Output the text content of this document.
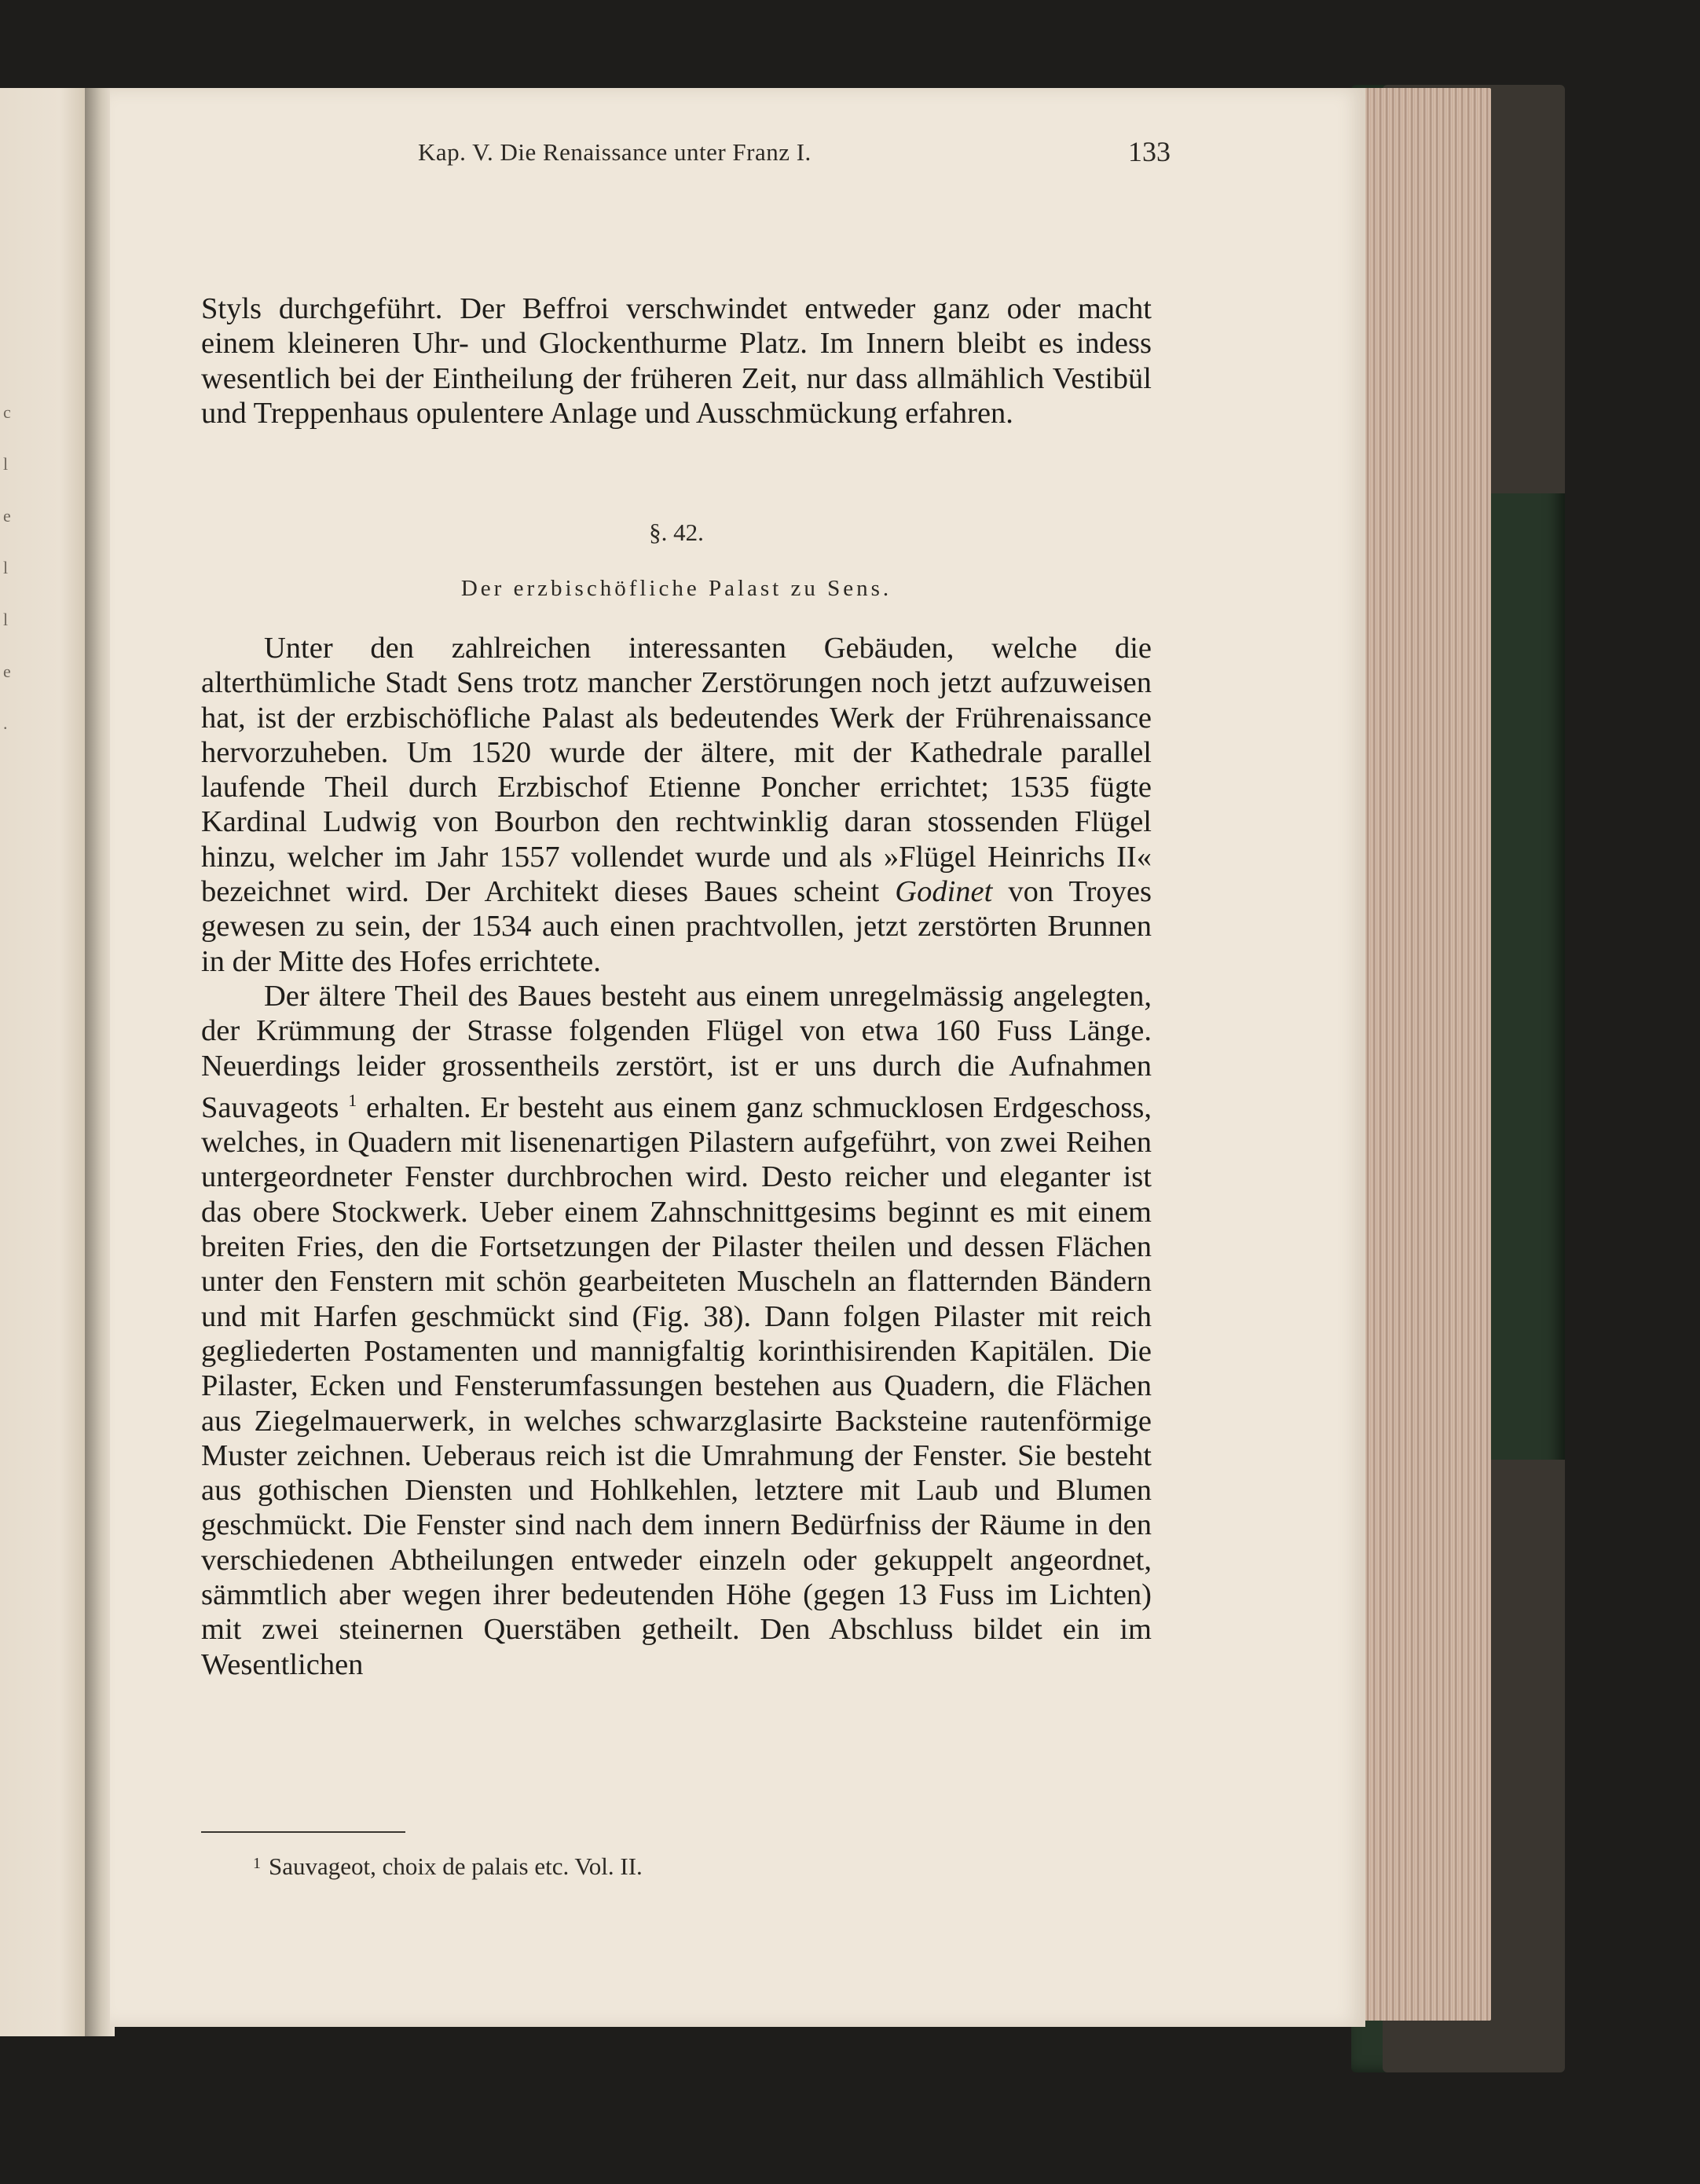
c
l
e
l
l
e
.
Kap. V. Die Renaissance unter Franz I.	133

Styls durchgeführt. Der Beffroi verschwindet entweder ganz oder macht einem kleineren Uhr- und Glockenthurme Platz. Im Innern bleibt es indess wesentlich bei der Eintheilung der früheren Zeit, nur dass allmählich Vestibül und Treppenhaus opulentere Anlage und Ausschmückung erfahren.

§. 42.
Der erzbischöfliche Palast zu Sens.

Unter den zahlreichen interessanten Gebäuden, welche die alterthümliche Stadt Sens trotz mancher Zerstörungen noch jetzt aufzuweisen hat, ist der erzbischöfliche Palast als bedeutendes Werk der Frührenaissance hervorzuheben. Um 1520 wurde der ältere, mit der Kathedrale parallel laufende Theil durch Erzbischof Etienne Poncher errichtet; 1535 fügte Kardinal Ludwig von Bourbon den rechtwinklig daran stossenden Flügel hinzu, welcher im Jahr 1557 vollendet wurde und als »Flügel Heinrichs II« bezeichnet wird. Der Architekt dieses Baues scheint Godinet von Troyes gewesen zu sein, der 1534 auch einen prachtvollen, jetzt zerstörten Brunnen in der Mitte des Hofes errichtete.

Der ältere Theil des Baues besteht aus einem unregelmässig angelegten, der Krümmung der Strasse folgenden Flügel von etwa 160 Fuss Länge. Neuerdings leider grossentheils zerstört, ist er uns durch die Aufnahmen Sauvageots $^1$ erhalten. Er besteht aus einem ganz schmucklosen Erdgeschoss, welches, in Quadern mit lisenenartigen Pilastern aufgeführt, von zwei Reihen untergeordneter Fenster durchbrochen wird. Desto reicher und eleganter ist das obere Stockwerk. Ueber einem Zahnschnittgesims beginnt es mit einem breiten Fries, den die Fortsetzungen der Pilaster theilen und dessen Flächen unter den Fenstern mit schön gearbeiteten Muscheln an flatternden Bändern und mit Harfen geschmückt sind (Fig. 38). Dann folgen Pilaster mit reich gegliederten Postamenten und mannigfaltig korinthisirenden Kapitälen. Die Pilaster, Ecken und Fensterumfassungen bestehen aus Quadern, die Flächen aus Ziegelmauerwerk, in welches schwarzglasirte Backsteine rautenförmige Muster zeichnen. Ueberaus reich ist die Umrahmung der Fenster. Sie besteht aus gothischen Diensten und Hohlkehlen, letztere mit Laub und Blumen geschmückt. Die Fenster sind nach dem innern Bedürfniss der Räume in den verschiedenen Abtheilungen entweder einzeln oder gekuppelt angeordnet, sämmtlich aber wegen ihrer bedeutenden Höhe (gegen 13 Fuss im Lichten) mit zwei steinernen Querstäben getheilt. Den Abschluss bildet ein im Wesentlichen

$^1$ Sauvageot, choix de palais etc. Vol. II.
